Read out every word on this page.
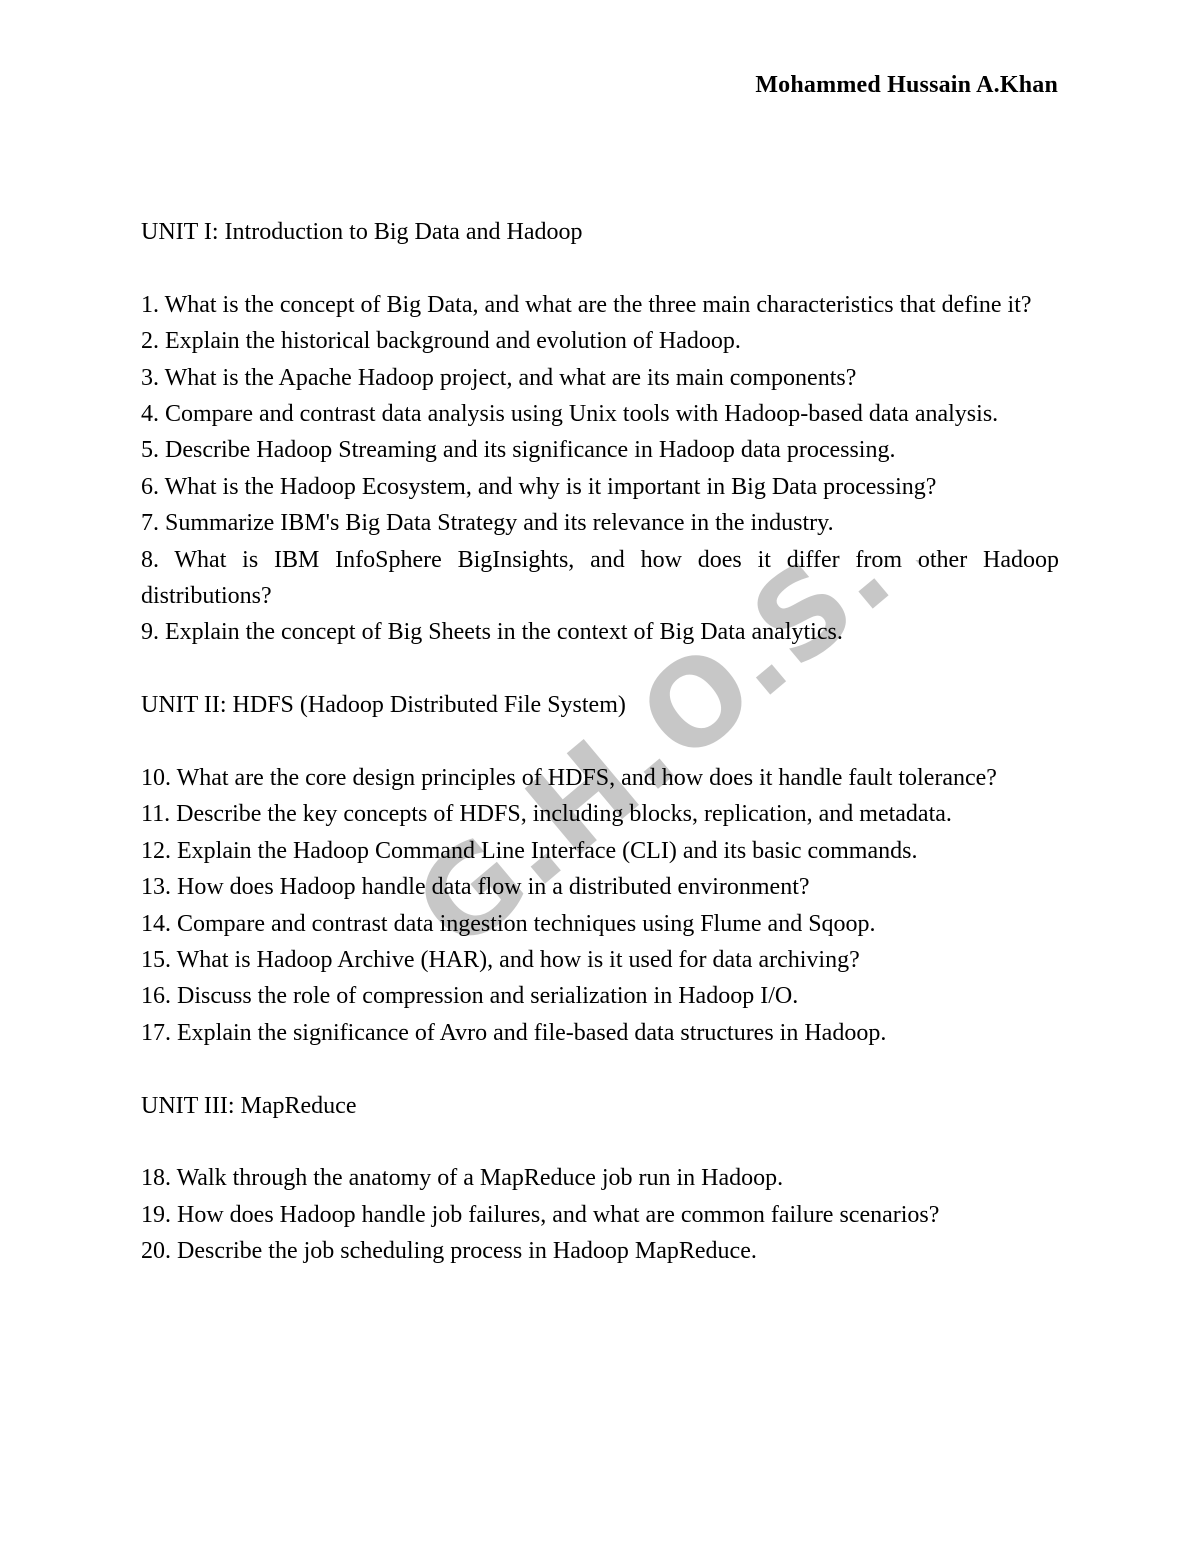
Mohammed Hussain A.Khan
G.H.O.S.T

UNIT I: Introduction to Big Data and Hadoop

1. What is the concept of Big Data, and what are the three main characteristics that define it?

2. Explain the historical background and evolution of Hadoop.

3. What is the Apache Hadoop project, and what are its main components?

4. Compare and contrast data analysis using Unix tools with Hadoop-based data analysis.

5. Describe Hadoop Streaming and its significance in Hadoop data processing.

6. What is the Hadoop Ecosystem, and why is it important in Big Data processing?

7. Summarize IBM's Big Data Strategy and its relevance in the industry.

8. What is IBM InfoSphere BigInsights, and how does it differ from other Hadoop distributions?

9. Explain the concept of Big Sheets in the context of Big Data analytics.

UNIT II: HDFS (Hadoop Distributed File System)

10. What are the core design principles of HDFS, and how does it handle fault tolerance?

11. Describe the key concepts of HDFS, including blocks, replication, and metadata.

12. Explain the Hadoop Command Line Interface (CLI) and its basic commands.

13. How does Hadoop handle data flow in a distributed environment?

14. Compare and contrast data ingestion techniques using Flume and Sqoop.

15. What is Hadoop Archive (HAR), and how is it used for data archiving?

16. Discuss the role of compression and serialization in Hadoop I/O.

17. Explain the significance of Avro and file-based data structures in Hadoop.

UNIT III: MapReduce

18. Walk through the anatomy of a MapReduce job run in Hadoop.

19. How does Hadoop handle job failures, and what are common failure scenarios?

20. Describe the job scheduling process in Hadoop MapReduce.
